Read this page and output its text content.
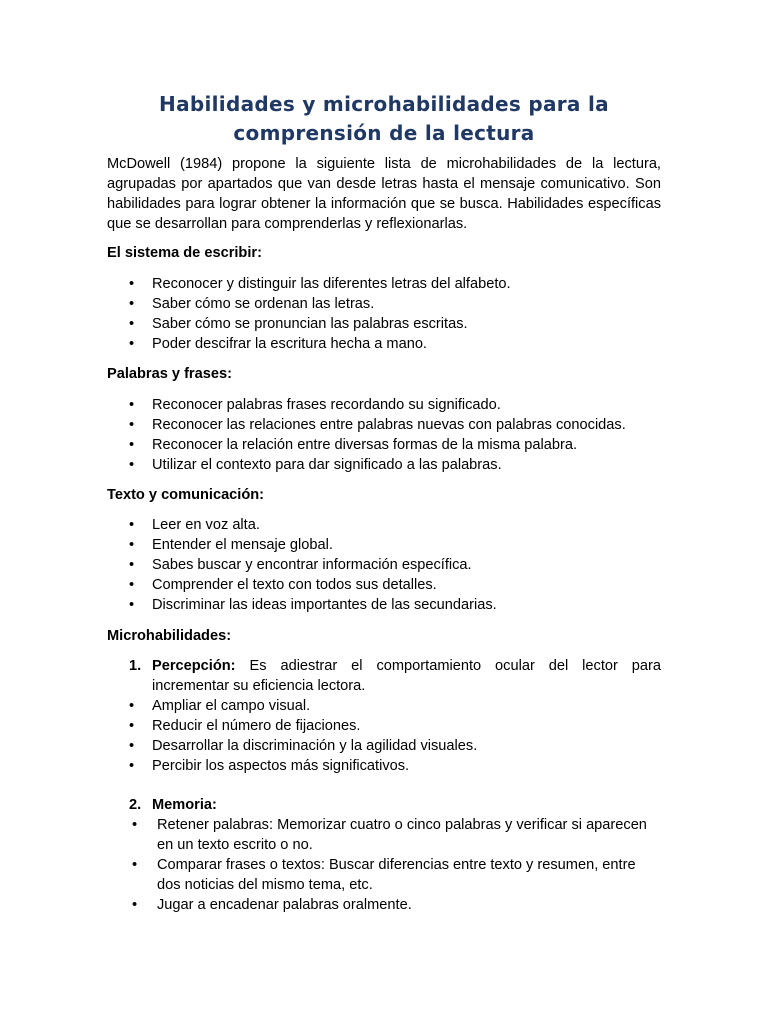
Habilidades y microhabilidades para la
comprensión de la lectura

McDowell (1984) propone la siguiente lista de microhabilidades de la lectura, agrupadas por apartados que van desde letras hasta el mensaje comunicativo. Son habilidades para lograr obtener la información que se busca. Habilidades específicas que se desarrollan para comprenderlas y reflexionarlas.

El sistema de escribir:

• Reconocer y distinguir las diferentes letras del alfabeto.
• Saber cómo se ordenan las letras.
• Saber cómo se pronuncian las palabras escritas.
• Poder descifrar la escritura hecha a mano.

Palabras y frases:

• Reconocer palabras frases recordando su significado.
• Reconocer las relaciones entre palabras nuevas con palabras conocidas.
• Reconocer la relación entre diversas formas de la misma palabra.
• Utilizar el contexto para dar significado a las palabras.

Texto y comunicación:

• Leer en voz alta.
• Entender el mensaje global.
• Sabes buscar y encontrar información específica.
• Comprender el texto con todos sus detalles.
• Discriminar las ideas importantes de las secundarias.

Microhabilidades:

1. Percepción: Es adiestrar el comportamiento ocular del lector para incrementar su eficiencia lectora.
• Ampliar el campo visual.
• Reducir el número de fijaciones.
• Desarrollar la discriminación y la agilidad visuales.
• Percibir los aspectos más significativos.
2. Memoria:
• Retener palabras: Memorizar cuatro o cinco palabras y verificar si aparecen en un texto escrito o no.
• Comparar frases o textos: Buscar diferencias entre texto y resumen, entre dos noticias del mismo tema, etc.
• Jugar a encadenar palabras oralmente.
